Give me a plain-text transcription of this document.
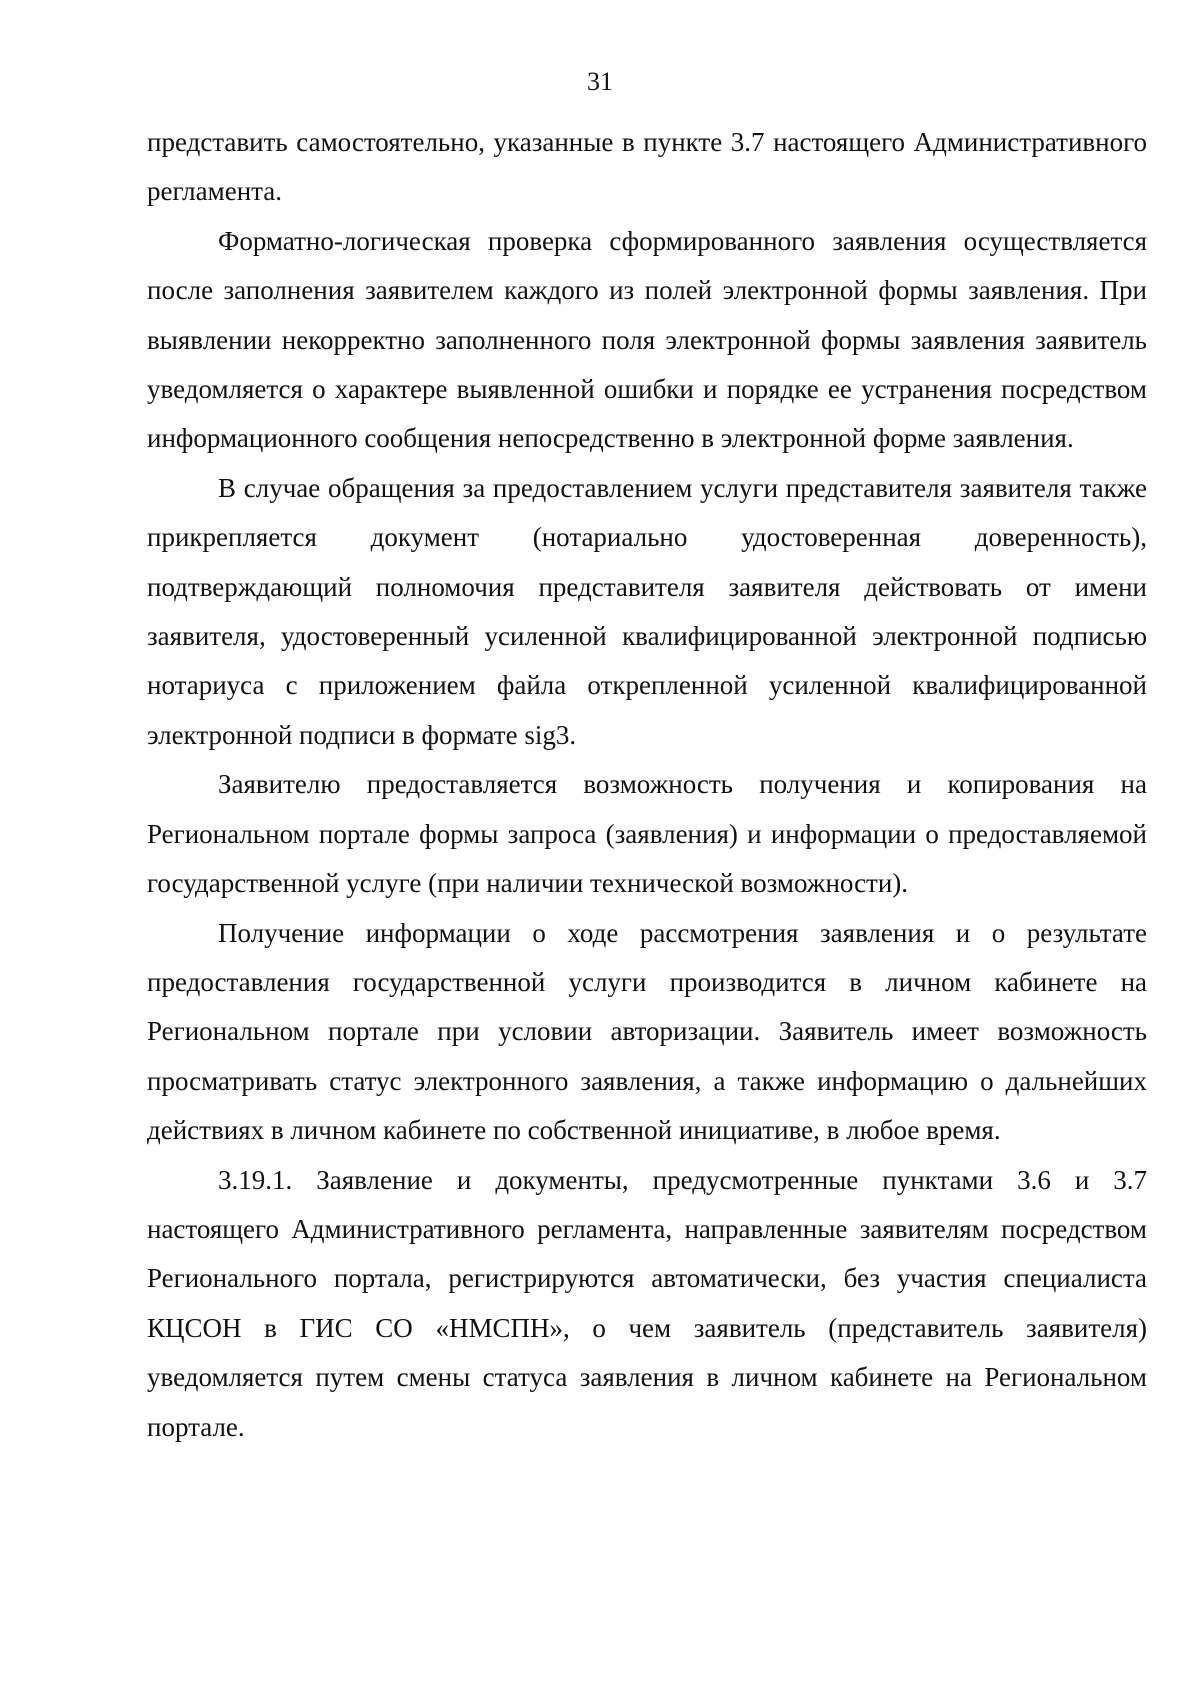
31

представить самостоятельно, указанные в пункте 3.7 настоящего Административного регламента.

Форматно-логическая проверка сформированного заявления осуществляется после заполнения заявителем каждого из полей электронной формы заявления. При выявлении некорректно заполненного поля электронной формы заявления заявитель уведомляется о характере выявленной ошибки и порядке ее устранения посредством информационного сообщения непосредственно в электронной форме заявления.

В случае обращения за предоставлением услуги представителя заявителя также прикрепляется документ (нотариально удостоверенная доверенность), подтверждающий полномочия представителя заявителя действовать от имени заявителя, удостоверенный усиленной квалифицированной электронной подписью нотариуса с приложением файла открепленной усиленной квалифицированной электронной подписи в формате sig3.

Заявителю предоставляется возможность получения и копирования на Региональном портале формы запроса (заявления) и информации о предоставляемой государственной услуге (при наличии технической возможности).

Получение информации о ходе рассмотрения заявления и о результате предоставления государственной услуги производится в личном кабинете на Региональном портале при условии авторизации. Заявитель имеет возможность просматривать статус электронного заявления, а также информацию о дальнейших действиях в личном кабинете по собственной инициативе, в любое время.

3.19.1. Заявление и документы, предусмотренные пунктами 3.6 и 3.7 настоящего Административного регламента, направленные заявителям посредством Регионального портала, регистрируются автоматически, без участия специалиста КЦСОН в ГИС СО «НМСПН», о чем заявитель (представитель заявителя) уведомляется путем смены статуса заявления в личном кабинете на Региональном портале.
